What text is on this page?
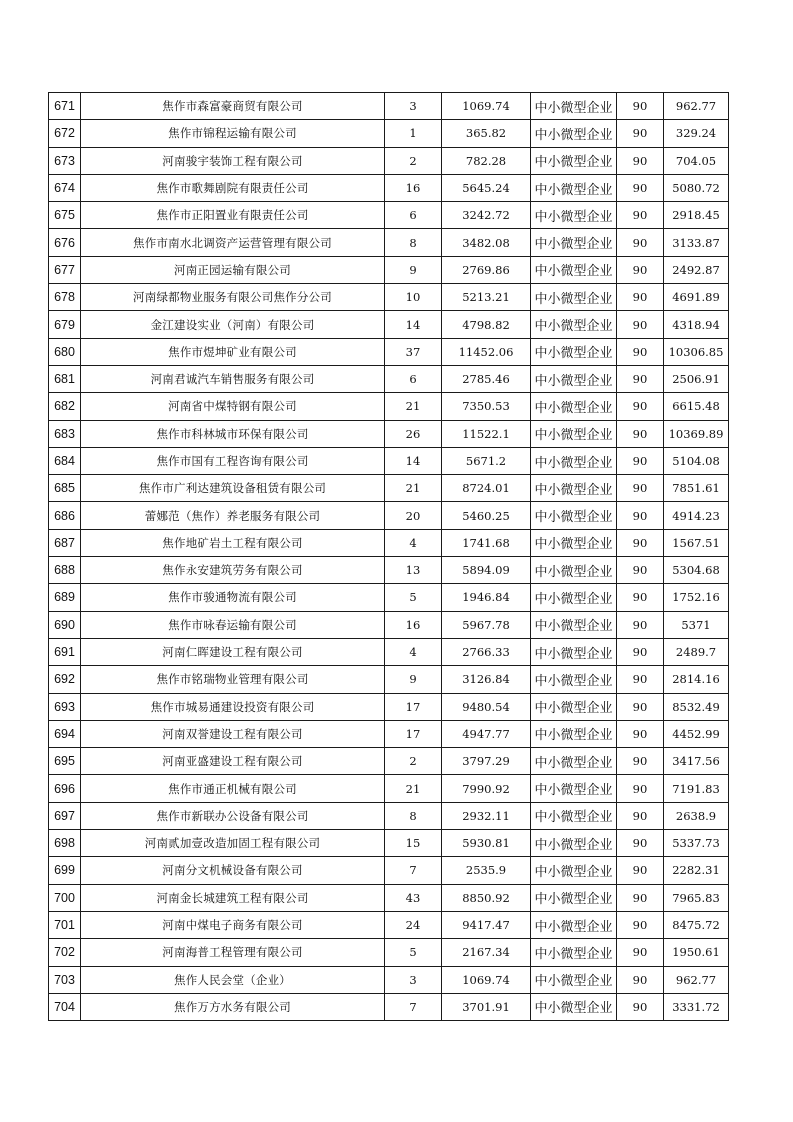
671	焦作市森富豪商贸有限公司	3	1069.74	中小微型企业	90	962.77
672	焦作市锦程运输有限公司	1	365.82	中小微型企业	90	329.24
673	河南骏宇装饰工程有限公司	2	782.28	中小微型企业	90	704.05
674	焦作市歌舞剧院有限责任公司	16	5645.24	中小微型企业	90	5080.72
675	焦作市正阳置业有限责任公司	6	3242.72	中小微型企业	90	2918.45
676	焦作市南水北调资产运营管理有限公司	8	3482.08	中小微型企业	90	3133.87
677	河南正园运输有限公司	9	2769.86	中小微型企业	90	2492.87
678	河南绿都物业服务有限公司焦作分公司	10	5213.21	中小微型企业	90	4691.89
679	金江建设实业（河南）有限公司	14	4798.82	中小微型企业	90	4318.94
680	焦作市煜坤矿业有限公司	37	11452.06	中小微型企业	90	10306.85
681	河南君诚汽车销售服务有限公司	6	2785.46	中小微型企业	90	2506.91
682	河南省中煤特钢有限公司	21	7350.53	中小微型企业	90	6615.48
683	焦作市科林城市环保有限公司	26	11522.1	中小微型企业	90	10369.89
684	焦作市国有工程咨询有限公司	14	5671.2	中小微型企业	90	5104.08
685	焦作市广利达建筑设备租赁有限公司	21	8724.01	中小微型企业	90	7851.61
686	蕾娜范（焦作）养老服务有限公司	20	5460.25	中小微型企业	90	4914.23
687	焦作地矿岩土工程有限公司	4	1741.68	中小微型企业	90	1567.51
688	焦作永安建筑劳务有限公司	13	5894.09	中小微型企业	90	5304.68
689	焦作市骏通物流有限公司	5	1946.84	中小微型企业	90	1752.16
690	焦作市咏春运输有限公司	16	5967.78	中小微型企业	90	5371
691	河南仁晖建设工程有限公司	4	2766.33	中小微型企业	90	2489.7
692	焦作市铭瑞物业管理有限公司	9	3126.84	中小微型企业	90	2814.16
693	焦作市城易通建设投资有限公司	17	9480.54	中小微型企业	90	8532.49
694	河南双誉建设工程有限公司	17	4947.77	中小微型企业	90	4452.99
695	河南亚盛建设工程有限公司	2	3797.29	中小微型企业	90	3417.56
696	焦作市通正机械有限公司	21	7990.92	中小微型企业	90	7191.83
697	焦作市新联办公设备有限公司	8	2932.11	中小微型企业	90	2638.9
698	河南贰加壹改造加固工程有限公司	15	5930.81	中小微型企业	90	5337.73
699	河南分文机械设备有限公司	7	2535.9	中小微型企业	90	2282.31
700	河南金长城建筑工程有限公司	43	8850.92	中小微型企业	90	7965.83
701	河南中煤电子商务有限公司	24	9417.47	中小微型企业	90	8475.72
702	河南海普工程管理有限公司	5	2167.34	中小微型企业	90	1950.61
703	焦作人民会堂（企业）	3	1069.74	中小微型企业	90	962.77
704	焦作万方水务有限公司	7	3701.91	中小微型企业	90	3331.72
